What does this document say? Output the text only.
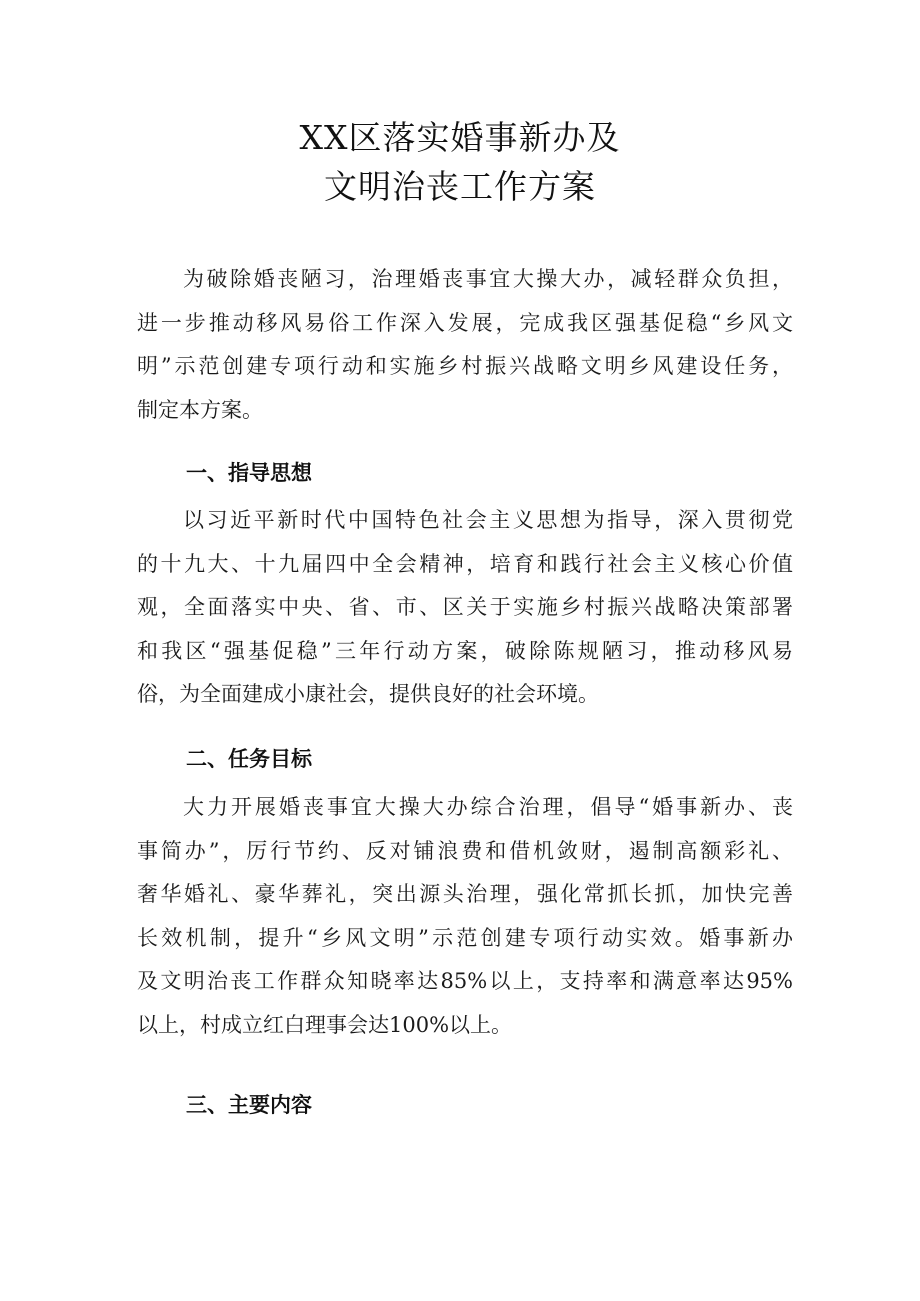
XX区落实婚事新办及
文明治丧工作方案
为破除婚丧陋习，治理婚丧事宜大操大办，减轻群众负担，
进一步推动移风易俗工作深入发展，完成我区强基促稳“乡风文
明”示范创建专项行动和实施乡村振兴战略文明乡风建设任务，
制定本方案。
一、指导思想
以习近平新时代中国特色社会主义思想为指导，深入贯彻党
的十九大、十九届四中全会精神，培育和践行社会主义核心价值
观，全面落实中央、省、市、区关于实施乡村振兴战略决策部署
和我区“强基促稳”三年行动方案，破除陈规陋习，推动移风易
俗，为全面建成小康社会，提供良好的社会环境。
二、任务目标
大力开展婚丧事宜大操大办综合治理，倡导“婚事新办、丧
事简办”，厉行节约、反对铺浪费和借机敛财，遏制高额彩礼、
奢华婚礼、豪华葬礼，突出源头治理，强化常抓长抓，加快完善
长效机制，提升“乡风文明”示范创建专项行动实效。婚事新办
及文明治丧工作群众知晓率达85%以上，支持率和满意率达95%
以上，村成立红白理事会达100%以上。
三、主要内容
